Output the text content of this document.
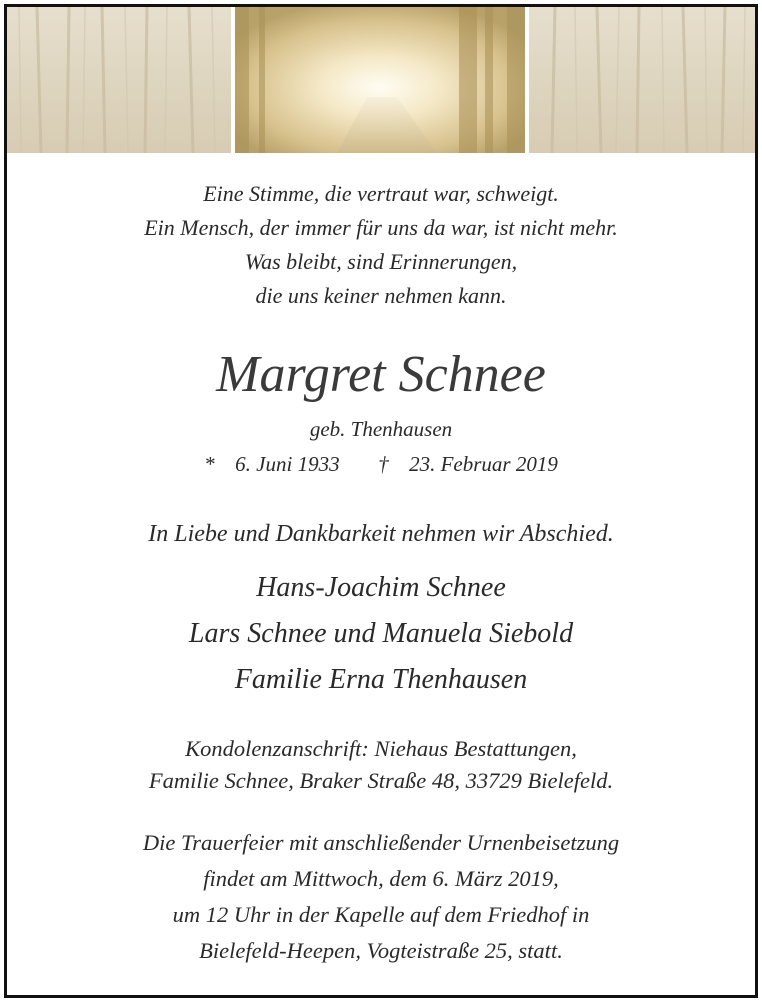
Eine Stimme, die vertraut war, schweigt.
Ein Mensch, der immer für uns da war, ist nicht mehr.
Was bleibt, sind Erinnerungen,
die uns keiner nehmen kann.
Margret Schnee
geb. Thenhausen
* 6. Juni 1933 † 23. Februar 2019
In Liebe und Dankbarkeit nehmen wir Abschied.
Hans-Joachim Schnee
Lars Schnee und Manuela Siebold
Familie Erna Thenhausen
Kondolenzanschrift: Niehaus Bestattungen,
Familie Schnee, Braker Straße 48, 33729 Bielefeld.
Die Trauerfeier mit anschließender Urnenbeisetzung
findet am Mittwoch, dem 6. März 2019,
um 12 Uhr in der Kapelle auf dem Friedhof in
Bielefeld-Heepen, Vogteistraße 25, statt.
